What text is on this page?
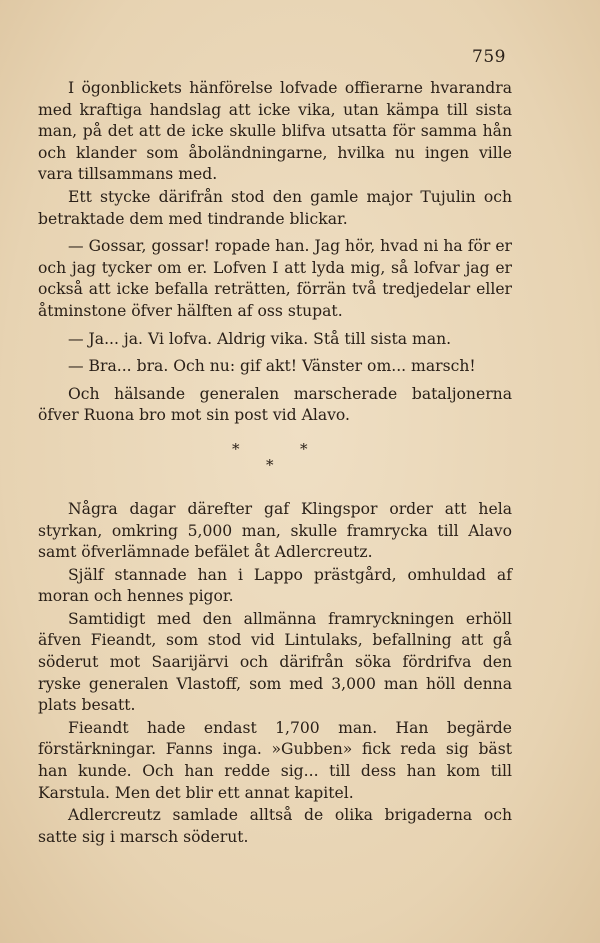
759

I ögonblickets hänförelse lofvade offierarne hvarandra med kraftiga handslag att icke vika, utan kämpa till sista man, på det att de icke skulle blifva utsatta för samma hån och klander som åboländningarne, hvilka nu ingen ville vara tillsammans med.

Ett stycke därifrån stod den gamle major Tujulin och betraktade dem med tindrande blickar.

— Gossar, gossar! ropade han. Jag hör, hvad ni ha för er och jag tycker om er. Lofven I att lyda mig, så lofvar jag er också att icke befalla reträtten, förrän två tredjedelar eller åtminstone öfver hälften af oss stupat.

— Ja... ja. Vi lofva. Aldrig vika. Stå till sista man.

— Bra... bra. Och nu: gif akt! Vänster om... marsch!

Och hälsande generalen marscherade bataljonerna öfver Ruona bro mot sin post vid Alavo.

*	*
*

Några dagar därefter gaf Klingspor order att hela styrkan, omkring 5,000 man, skulle framrycka till Alavo samt öfverlämnade befälet åt Adlercreutz.

Själf stannade han i Lappo prästgård, omhuldad af moran och hennes pigor.

Samtidigt med den allmänna framryckningen erhöll äfven Fieandt, som stod vid Lintulaks, befallning att gå söderut mot Saarijärvi och därifrån söka fördrifva den ryske generalen Vlastoff, som med 3,000 man höll denna plats besatt.

Fieandt hade endast 1,700 man. Han begärde förstärkningar. Fanns inga. »Gubben» fick reda sig bäst han kunde. Och han redde sig... till dess han kom till Karstula. Men det blir ett annat kapitel.

Adlercreutz samlade alltså de olika brigaderna och satte sig i marsch söderut.
